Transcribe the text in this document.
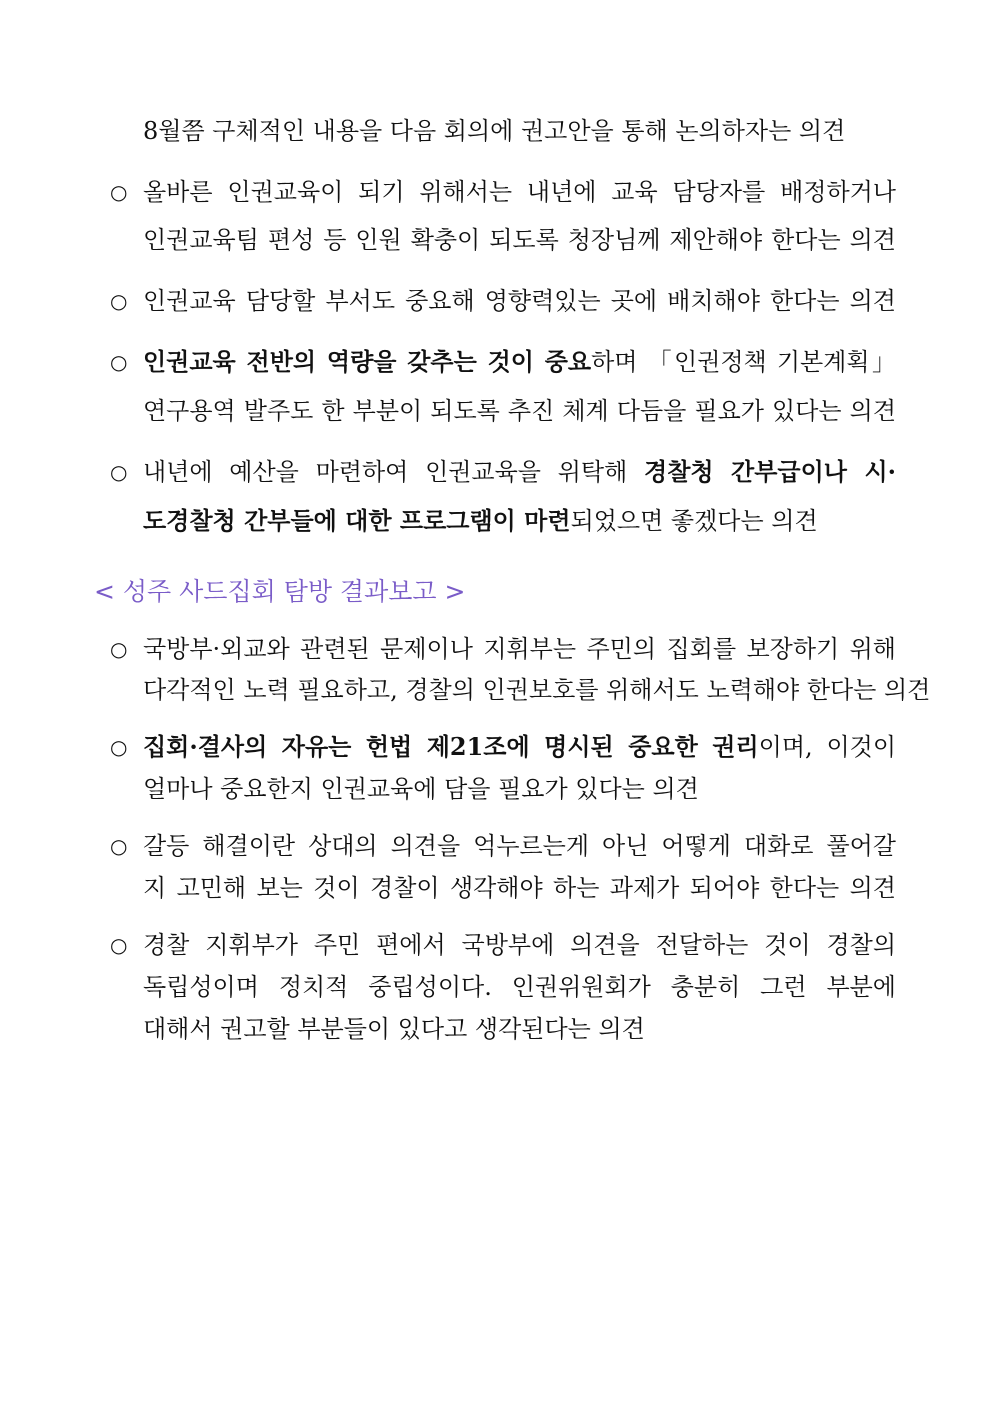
8월쯤 구체적인 내용을 다음 회의에 권고안을 통해 논의하자는 의견
○ 올바른 인권교육이 되기 위해서는 내년에 교육 담당자를 배정하거나
인권교육팀 편성 등 인원 확충이 되도록 청장님께 제안해야 한다는 의견
○ 인권교육 담당할 부서도 중요해 영향력있는 곳에 배치해야 한다는 의견
○ 인권교육 전반의 역량을 갖추는 것이 중요하며 「인권정책 기본계획」
연구용역 발주도 한 부분이 되도록 추진 체계 다듬을 필요가 있다는 의견
○ 내년에 예산을 마련하여 인권교육을 위탁해 경찰청 간부급이나 시·
도경찰청 간부들에 대한 프로그램이 마련되었으면 좋겠다는 의견
< 성주 사드집회 탐방 결과보고 >
○ 국방부·외교와 관련된 문제이나 지휘부는 주민의 집회를 보장하기 위해
다각적인 노력 필요하고, 경찰의 인권보호를 위해서도 노력해야 한다는 의견
○ 집회·결사의 자유는 헌법 제21조에 명시된 중요한 권리이며, 이것이
얼마나 중요한지 인권교육에 담을 필요가 있다는 의견
○ 갈등 해결이란 상대의 의견을 억누르는게 아닌 어떻게 대화로 풀어갈
지 고민해 보는 것이 경찰이 생각해야 하는 과제가 되어야 한다는 의견
○ 경찰 지휘부가 주민 편에서 국방부에 의견을 전달하는 것이 경찰의
독립성이며 정치적 중립성이다. 인권위원회가 충분히 그런 부분에
대해서 권고할 부분들이 있다고 생각된다는 의견
